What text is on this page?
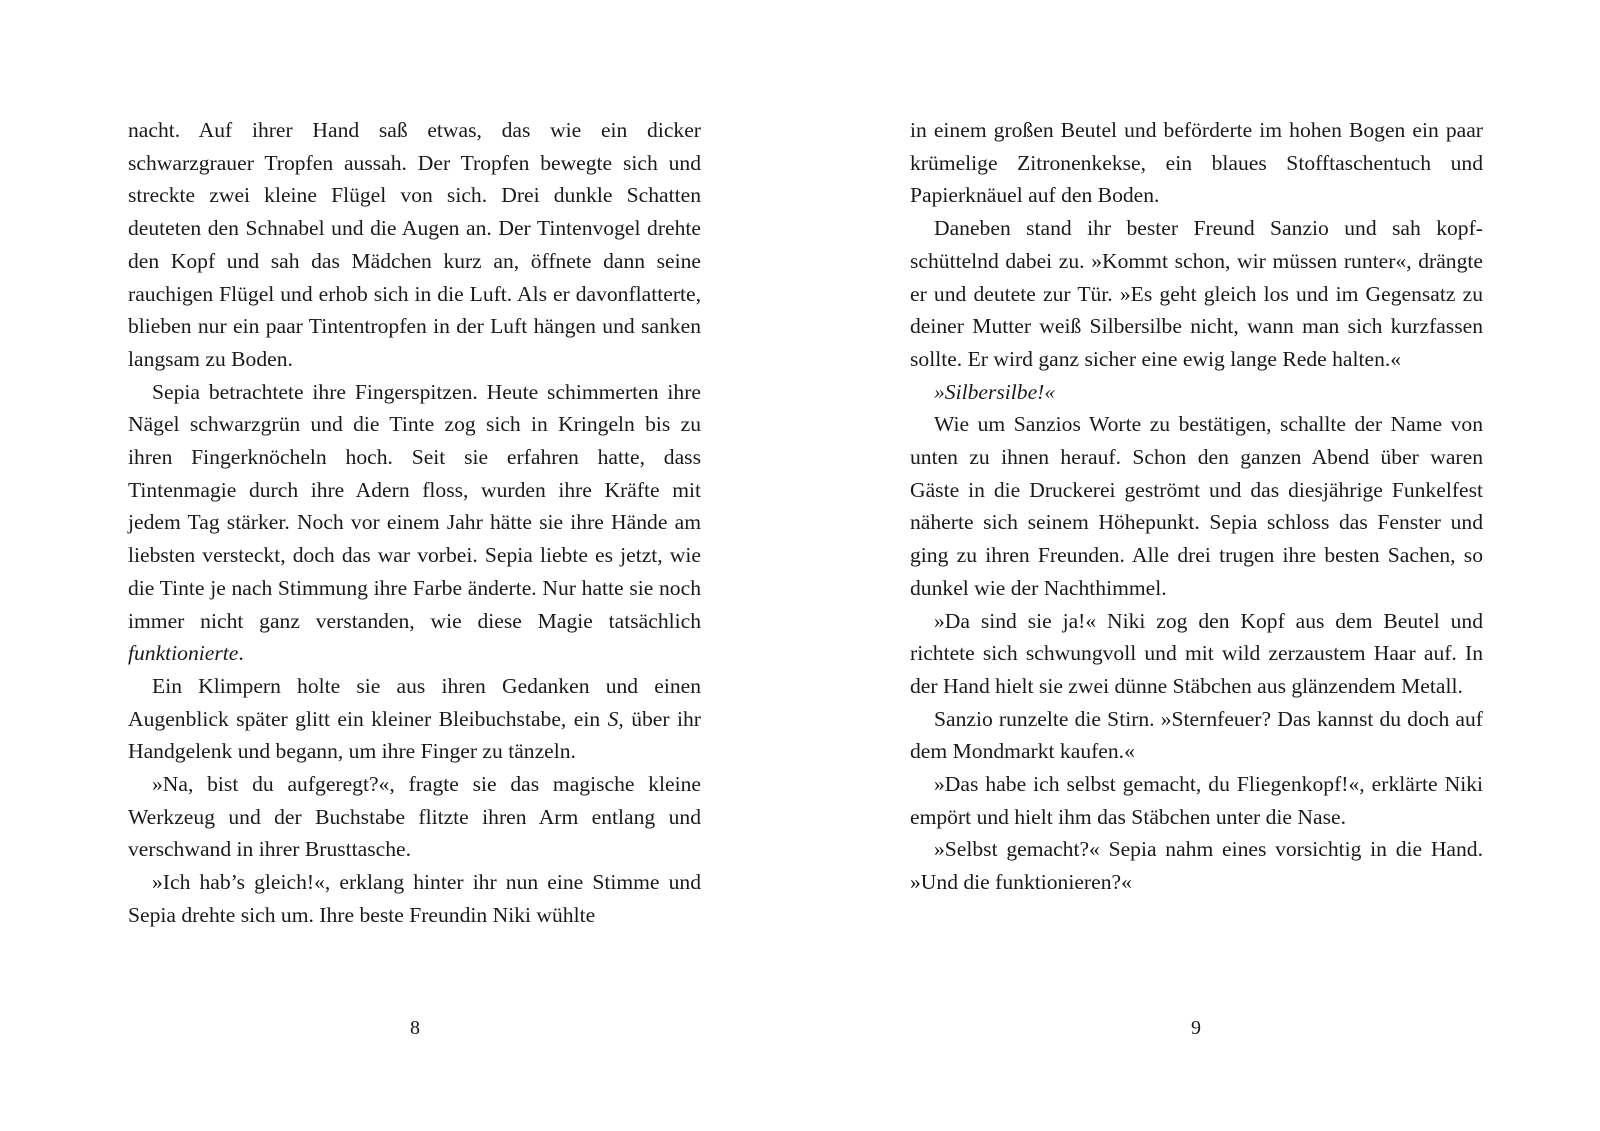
nacht. Auf ihrer Hand saß etwas, das wie ein dicker schwarzgrauer Tropfen aussah. Der Tropfen bewegte sich und streckte zwei kleine Flügel von sich. Drei dunkle Schatten deuteten den Schnabel und die Augen an. Der Tintenvogel drehte den Kopf und sah das Mädchen kurz an, öffnete dann seine rauchigen Flügel und erhob sich in die Luft. Als er davonflatterte, blieben nur ein paar Tintentropfen in der Luft hängen und sanken langsam zu Boden.

Sepia betrachtete ihre Fingerspitzen. Heute schimmerten ihre Nägel schwarzgrün und die Tinte zog sich in Kringeln bis zu ihren Fingerknöcheln hoch. Seit sie erfahren hatte, dass Tintenmagie durch ihre Adern floss, wurden ihre Kräfte mit jedem Tag stärker. Noch vor einem Jahr hätte sie ihre Hände am liebsten versteckt, doch das war vorbei. Sepia liebte es jetzt, wie die Tinte je nach Stimmung ihre Farbe änderte. Nur hatte sie noch immer nicht ganz verstanden, wie diese Magie tatsächlich funktionierte.

Ein Klimpern holte sie aus ihren Gedanken und einen Augenblick später glitt ein kleiner Bleibuchstabe, ein S, über ihr Handgelenk und begann, um ihre Finger zu tänzeln.

»Na, bist du aufgeregt?«, fragte sie das magische kleine Werkzeug und der Buchstabe flitzte ihren Arm entlang und verschwand in ihrer Brusttasche.

»Ich hab’s gleich!«, erklang hinter ihr nun eine Stimme und Sepia drehte sich um. Ihre beste Freundin Niki wühlte

in einem großen Beutel und beförderte im hohen Bogen ein paar krümelige Zitronenkekse, ein blaues Stofftaschentuch und Papierknäuel auf den Boden.

Daneben stand ihr bester Freund Sanzio und sah kopfschüttelnd dabei zu. »Kommt schon, wir müssen runter«, drängte er und deutete zur Tür. »Es geht gleich los und im Gegensatz zu deiner Mutter weiß Silbersilbe nicht, wann man sich kurzfassen sollte. Er wird ganz sicher eine ewig lange Rede halten.«

»Silbersilbe!«

Wie um Sanzios Worte zu bestätigen, schallte der Name von unten zu ihnen herauf. Schon den ganzen Abend über waren Gäste in die Druckerei geströmt und das diesjährige Funkelfest näherte sich seinem Höhepunkt. Sepia schloss das Fenster und ging zu ihren Freunden. Alle drei trugen ihre besten Sachen, so dunkel wie der Nachthimmel.

»Da sind sie ja!« Niki zog den Kopf aus dem Beutel und richtete sich schwungvoll und mit wild zerzaustem Haar auf. In der Hand hielt sie zwei dünne Stäbchen aus glänzendem Metall.

Sanzio runzelte die Stirn. »Sternfeuer? Das kannst du doch auf dem Mondmarkt kaufen.«

»Das habe ich selbst gemacht, du Fliegenkopf!«, erklärte Niki empört und hielt ihm das Stäbchen unter die Nase.

»Selbst gemacht?« Sepia nahm eines vorsichtig in die Hand. »Und die funktionieren?«

8	9
